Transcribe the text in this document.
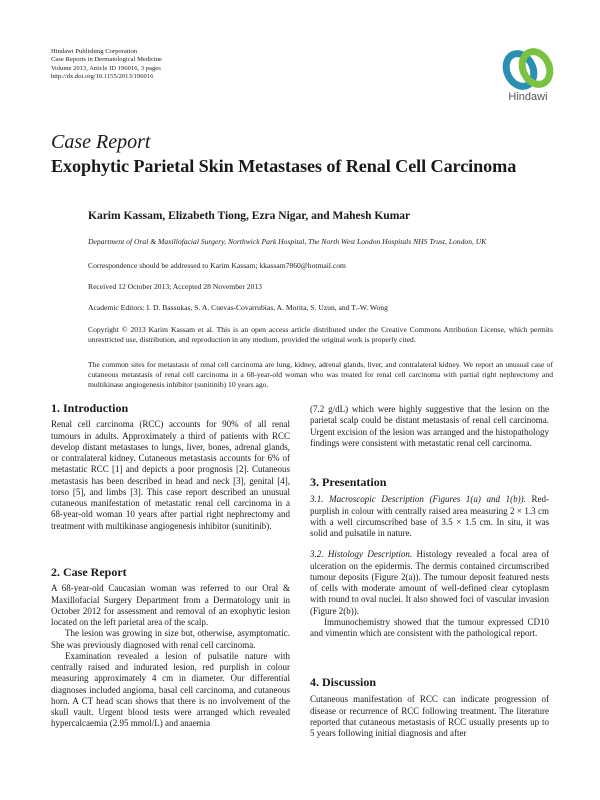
Hindawi Publishing Corporation
Case Reports in Dermatological Medicine
Volume 2013, Article ID 196016, 3 pages
http://dx.doi.org/10.1155/2013/196016
Hindawi
Case Report
Exophytic Parietal Skin Metastases of Renal Cell Carcinoma
Karim Kassam, Elizabeth Tiong, Ezra Nigar, and Mahesh Kumar
Department of Oral & Maxillofacial Surgery, Northwick Park Hospital, The North West London Hospitals NHS Trust, London, UK
Correspondence should be addressed to Karim Kassam; kkassam7860@hotmail.com
Received 12 October 2013; Accepted 28 November 2013
Academic Editors: I. D. Bassukas, S. A. Cuevas-Covarrubias, A. Morita, S. Uzun, and T.-W. Wong
Copyright © 2013 Karim Kassam et al. This is an open access article distributed under the Creative Commons Attribution License, which permits unrestricted use, distribution, and reproduction in any medium, provided the original work is properly cited.
The common sites for metastasis of renal cell carcinoma are lung, kidney, adrenal glands, liver, and contralateral kidney. We report an unusual case of cutaneous metastasis of renal cell carcinoma in a 68-year-old woman who was treated for renal cell carcinoma with partial right nephrectomy and multikinase angiogenesis inhibitor (sunitinib) 10 years ago.
1. Introduction

Renal cell carcinoma (RCC) accounts for 90% of all renal tumours in adults. Approximately a third of patients with RCC develop distant metastases to lungs, liver, bones, adrenal glands, or contralateral kidney. Cutaneous metastasis accounts for 6% of metastatic RCC [1] and depicts a poor prognosis [2]. Cutaneous metastasis has been described in head and neck [3], genital [4], torso [5], and limbs [3]. This case report described an unusual cutaneous manifestation of metastatic renal cell carcinoma in a 68-year-old woman 10 years after partial right nephrectomy and treatment with multikinase angiogenesis inhibitor (sunitinib).

2. Case Report

A 68-year-old Caucasian woman was referred to our Oral & Maxillofacial Surgery Department from a Dermatology unit in October 2012 for assessment and removal of an exophytic lesion located on the left parietal area of the scalp.

The lesion was growing in size but, otherwise, asymptomatic. She was previously diagnosed with renal cell carcinoma.

Examination revealed a lesion of pulsatile nature with centrally raised and indurated lesion, red purplish in colour measuring approximately 4 cm in diameter. Our differential diagnoses included angioma, basal cell carcinoma, and cutaneous horn. A CT head scan shows that there is no involvement of the skull vault. Urgent blood tests were arranged which revealed hypercalcaemia (2.95 mmol/L) and anaemia

(7.2 g/dL) which were highly suggestive that the lesion on the parietal scalp could be distant metastasis of renal cell carcinoma. Urgent excision of the lesion was arranged and the histopathology findings were consistent with metastatic renal cell carcinoma.

3. Presentation

3.1. Macroscopic Description (Figures 1(a) and 1(b)). Red-purplish in colour with centrally raised area measuring 2 × 1.3 cm with a well circumscribed base of 3.5 × 1.5 cm. In situ, it was solid and pulsatile in nature.

3.2. Histology Description. Histology revealed a focal area of ulceration on the epidermis. The dermis contained circumscribed tumour deposits (Figure 2(a)). The tumour deposit featured nests of cells with moderate amount of well-defined clear cytoplasm with round to oval nuclei. It also showed foci of vascular invasion (Figure 2(b)).

Immunochemistry showed that the tumour expressed CD10 and vimentin which are consistent with the pathological report.

4. Discussion

Cutaneous manifestation of RCC can indicate progression of disease or recurrence of RCC following treatment. The literature reported that cutaneous metastasis of RCC usually presents up to 5 years following initial diagnosis and after
